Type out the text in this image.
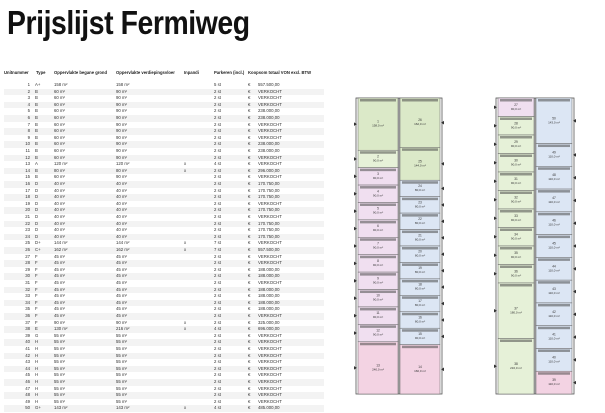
Prijslijst Fermiweg
Unitnummer Type Oppervlakte begane grond Oppervlakte verdiepingsvloer Inpandi	Parkeren (incl.) Koopsom totaal VON excl. BTW
1 A+	158 m²	158 m²	5 st	€ 557.500,00
2 B	60 m²	90 m²	2 st	€ VERKOCHT
3 B	60 m²	90 m²	2 st	€ VERKOCHT
4 B	60 m²	90 m²	2 st	€ VERKOCHT
5 B	60 m²	90 m²	2 st	€ 238.000,00
6 B	60 m²	90 m²	2 st	€ 238.000,00
7 B	60 m²	90 m²	2 st	€ VERKOCHT
8 B	60 m²	90 m²	2 st	€ VERKOCHT
9 B	60 m²	90 m²	2 st	€ VERKOCHT
10 B	60 m²	90 m²	2 st	€ 238.000,00
11 B	60 m²	90 m²	2 st	€ 238.000,00
12 B	60 m²	90 m²	2 st	€ VERKOCHT
13 A	120 m²	120 m²	x	4 st	€ VERKOCHT
14 B	80 m²	80 m²	x	2 st	€ 296.000,00
15 B	60 m²	90 m²	2 st	€ VERKOCHT
16 D	40 m²	40 m²	2 st	€ 170.750,00
17 D	40 m²	40 m²	2 st	€ 170.750,00
18 D	40 m²	40 m²	2 st	€ 170.750,00
19 D	40 m²	40 m²	2 st	€ VERKOCHT
20 D	40 m²	40 m²	2 st	€ 170.750,00
21 D	40 m²	40 m²	2 st	€ VERKOCHT
22 D	40 m²	40 m²	2 st	€ 170.750,00
23 D	40 m²	40 m²	2 st	€ 170.750,00
24 D	40 m²	40 m²	2 st	€ 170.750,00
25 D+	144 m²	144 m²	x	7 st	€ VERKOCHT
26 C+	162 m²	162 m²	x	7 st	€ 557.500,00
27 F	45 m²	45 m²	2 st	€ VERKOCHT
28 F	45 m²	45 m²	2 st	€ VERKOCHT
29 F	45 m²	45 m²	2 st	€ 188.000,00
30 F	45 m²	45 m²	2 st	€ 188.000,00
31 F	45 m²	45 m²	2 st	€ VERKOCHT
32 F	45 m²	45 m²	2 st	€ 188.000,00
33 F	45 m²	45 m²	2 st	€ 188.000,00
34 F	45 m²	45 m²	2 st	€ 188.000,00
35 F	45 m²	45 m²	2 st	€ 188.000,00
36 F	45 m²	45 m²	2 st	€ VERKOCHT
37 F	90 m²	90 m²	x	2 st	€ 325.000,00
38 E	130 m²	216 m²	x	4 st	€ 696.000,00
39 G	55 m²	55 m²	2 st	€ VERKOCHT
40 H	55 m²	55 m²	2 st	€ VERKOCHT
41 H	55 m²	55 m²	2 st	€ VERKOCHT
42 H	55 m²	55 m²	2 st	€ VERKOCHT
43 H	55 m²	55 m²	2 st	€ VERKOCHT
44 H	55 m²	55 m²	2 st	€ VERKOCHT
45 H	55 m²	55 m²	2 st	€ VERKOCHT
46 H	55 m²	55 m²	2 st	€ VERKOCHT
47 H	55 m²	55 m²	2 st	€ VERKOCHT
48 H	55 m²	55 m²	2 st	€ VERKOCHT
49 H	55 m²	55 m²	2 st	€ VERKOCHT
50 G+	143 m²	143 m²	x	4 st	€ 485.000,00
1
158,0 m²
2
90,0 m²
3
90,0 m²
4
90,0 m²
5
90,0 m²
6
90,0 m²
7
90,0 m²
8
90,0 m²
9
90,0 m²
10
90,0 m²
11
90,0 m²
12
90,0 m²
13
240,0 m²
26
162,0 m²
25
144,0 m²
24
80,0 m²
23
80,0 m²
22
80,0 m²
21
80,0 m²
20
80,0 m²
19
80,0 m²
18
80,0 m²
17
80,0 m²
16
80,0 m²
15
90,0 m²
14
160,0 m²
27
90,0 m²
28
90,0 m²
29
90,0 m²
30
90,0 m²
31
90,0 m²
32
90,0 m²
33
90,0 m²
34
90,0 m²
35
90,0 m²
36
90,0 m²
37
180,0 m²
38
216,0 m²
50
143,0 m²
49
110,0 m²
48
110,0 m²
47
110,0 m²
46
110,0 m²
45
110,0 m²
44
110,0 m²
43
110,0 m²
42
110,0 m²
41
110,0 m²
40
110,0 m²
39
110,0 m²
